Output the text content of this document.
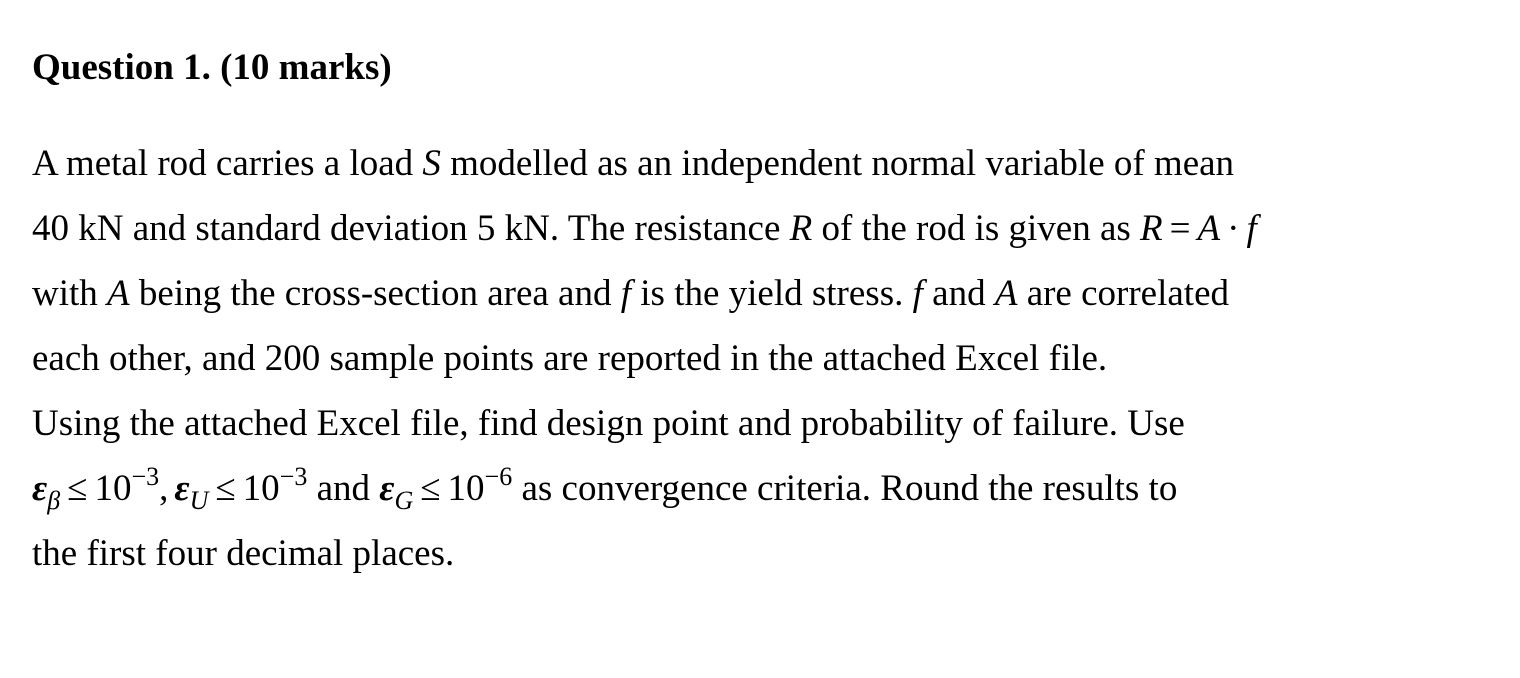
Question 1. (10 marks)
A metal rod carries a load S modelled as an independent normal variable of mean
40 kN and standard deviation 5 kN. The resistance R of the rod is given as R = A · f
with A being the cross-section area and f is the yield stress. f and A are correlated
each other, and 200 sample points are reported in the attached Excel file.
Using the attached Excel file, find design point and probability of failure. Use
$\varepsilon_\beta \le 10^{-3}$, $\varepsilon_U \le 10^{-3}$ and $\varepsilon_G \le 10^{-6}$ as convergence criteria. Round the results to
the first four decimal places.
